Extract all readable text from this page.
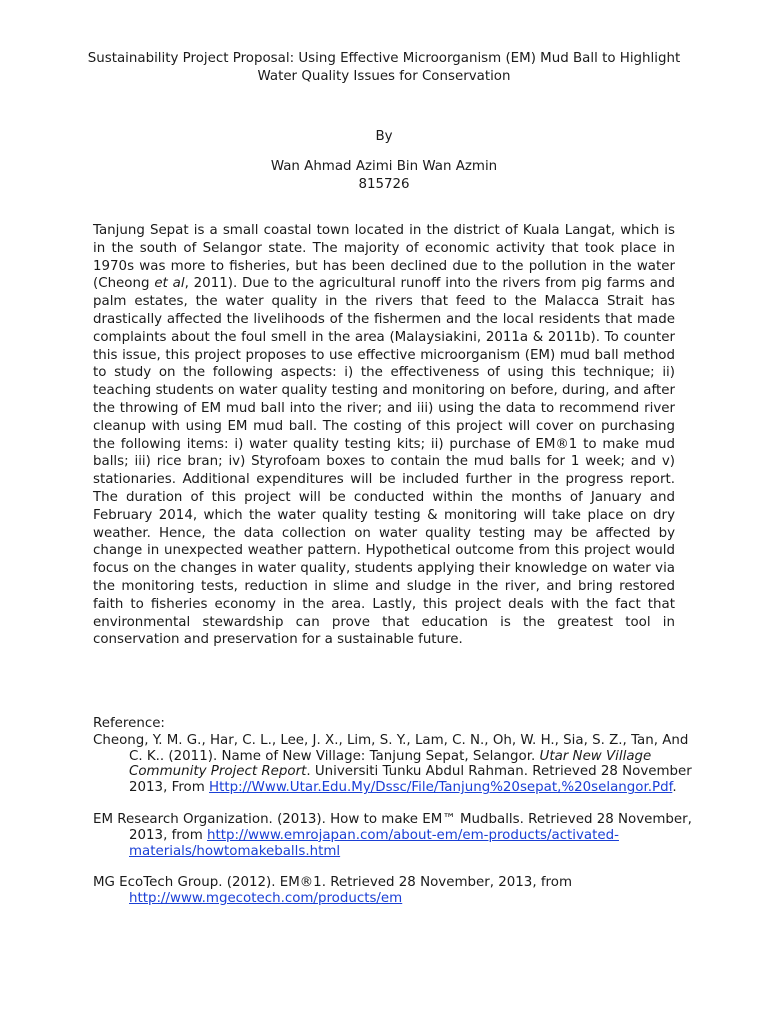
Sustainability Project Proposal: Using Effective Microorganism (EM) Mud Ball to Highlight Water Quality Issues for Conservation
By
Wan Ahmad Azimi Bin Wan Azmin
815726
Tanjung Sepat is a small coastal town located in the district of Kuala Langat, which is in the south of Selangor state. The majority of economic activity that took place in 1970s was more to fisheries, but has been declined due to the pollution in the water (Cheong et al, 2011). Due to the agricultural runoff into the rivers from pig farms and palm estates, the water quality in the rivers that feed to the Malacca Strait has drastically affected the livelihoods of the fishermen and the local residents that made complaints about the foul smell in the area (Malaysiakini, 2011a & 2011b). To counter this issue, this project proposes to use effective microorganism (EM) mud ball method to study on the following aspects: i) the effectiveness of using this technique; ii) teaching students on water quality testing and monitoring on before, during, and after the throwing of EM mud ball into the river; and iii) using the data to recommend river cleanup with using EM mud ball. The costing of this project will cover on purchasing the following items: i) water quality testing kits; ii) purchase of EM®1 to make mud balls; iii) rice bran; iv) Styrofoam boxes to contain the mud balls for 1 week; and v) stationaries. Additional expenditures will be included further in the progress report. The duration of this project will be conducted within the months of January and February 2014, which the water quality testing & monitoring will take place on dry weather. Hence, the data collection on water quality testing may be affected by change in unexpected weather pattern. Hypothetical outcome from this project would focus on the changes in water quality, students applying their knowledge on water via the monitoring tests, reduction in slime and sludge in the river, and bring restored faith to fisheries economy in the area. Lastly, this project deals with the fact that environmental stewardship can prove that education is the greatest tool in conservation and preservation for a sustainable future.
Reference:
Cheong, Y. M. G., Har, C. L., Lee, J. X., Lim, S. Y., Lam, C. N., Oh, W. H., Sia, S. Z., Tan, And C. K.. (2011). Name of New Village: Tanjung Sepat, Selangor. Utar New Village Community Project Report. Universiti Tunku Abdul Rahman. Retrieved 28 November 2013, From Http://Www.Utar.Edu.My/Dssc/File/Tanjung%20sepat,%20selangor.Pdf.
EM Research Organization. (2013). How to make EM™ Mudballs. Retrieved 28 November, 2013, from http://www.emrojapan.com/about-em/em-products/activated-materials/howtomakeballs.html
MG EcoTech Group. (2012). EM®1. Retrieved 28 November, 2013, from http://www.mgecotech.com/products/em
